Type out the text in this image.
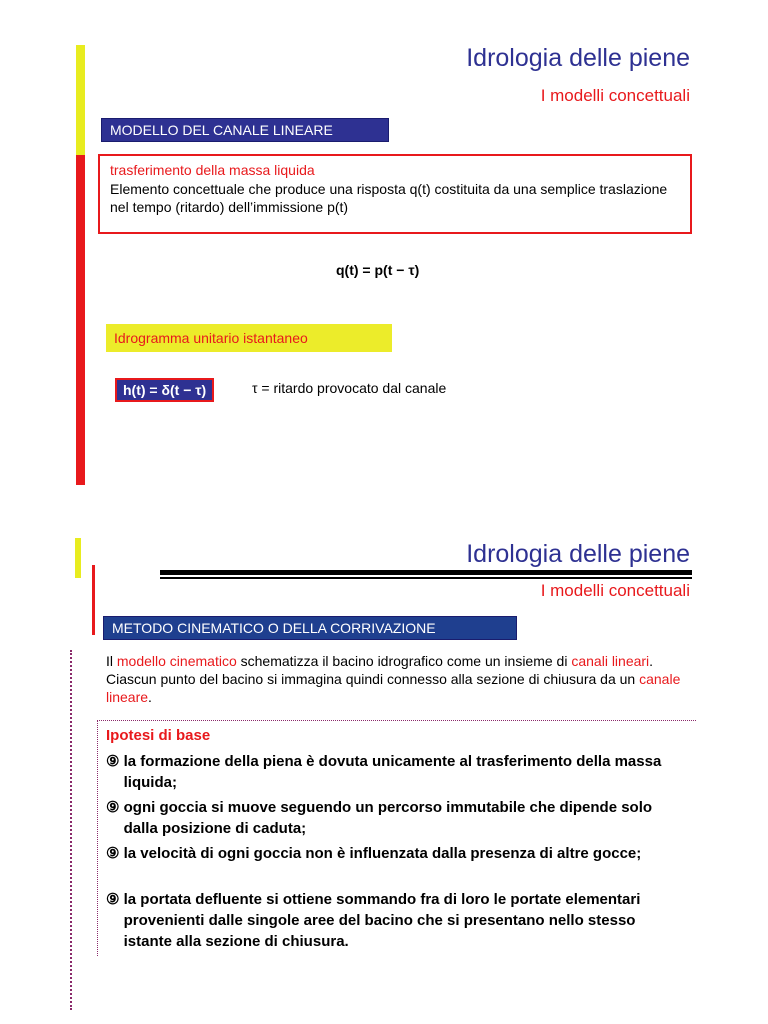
Idrologia delle piene
I modelli concettuali
MODELLO DEL CANALE LINEARE

trasferimento della massa liquida

Elemento concettuale che produce una risposta q(t) costituita da una semplice traslazione nel tempo (ritardo) dell’immissione p(t)

q(t) = p(t − τ)
Idrogramma unitario istantaneo
h(t) = δ(t − τ)	τ = ritardo provocato dal canale
Idrologia delle piene
I modelli concettuali
METODO CINEMATICO O DELLA CORRIVAZIONE
Il modello cinematico schematizza il bacino idrografico come un insieme di canali lineari. Ciascun punto del bacino si immagina quindi connesso alla sezione di chiusura da un canale lineare.
Ipotesi di base
⑨ la formazione della piena è dovuta unicamente al trasferimento della massa liquida;
⑨ ogni goccia si muove seguendo un percorso immutabile che dipende solo dalla posizione di caduta;
⑨ la velocità di ogni goccia non è influenzata dalla presenza di altre gocce;
⑨ la portata defluente si ottiene sommando fra di loro le portate elementari provenienti dalle singole aree del bacino che si presentano nello stesso istante alla sezione di chiusura.
